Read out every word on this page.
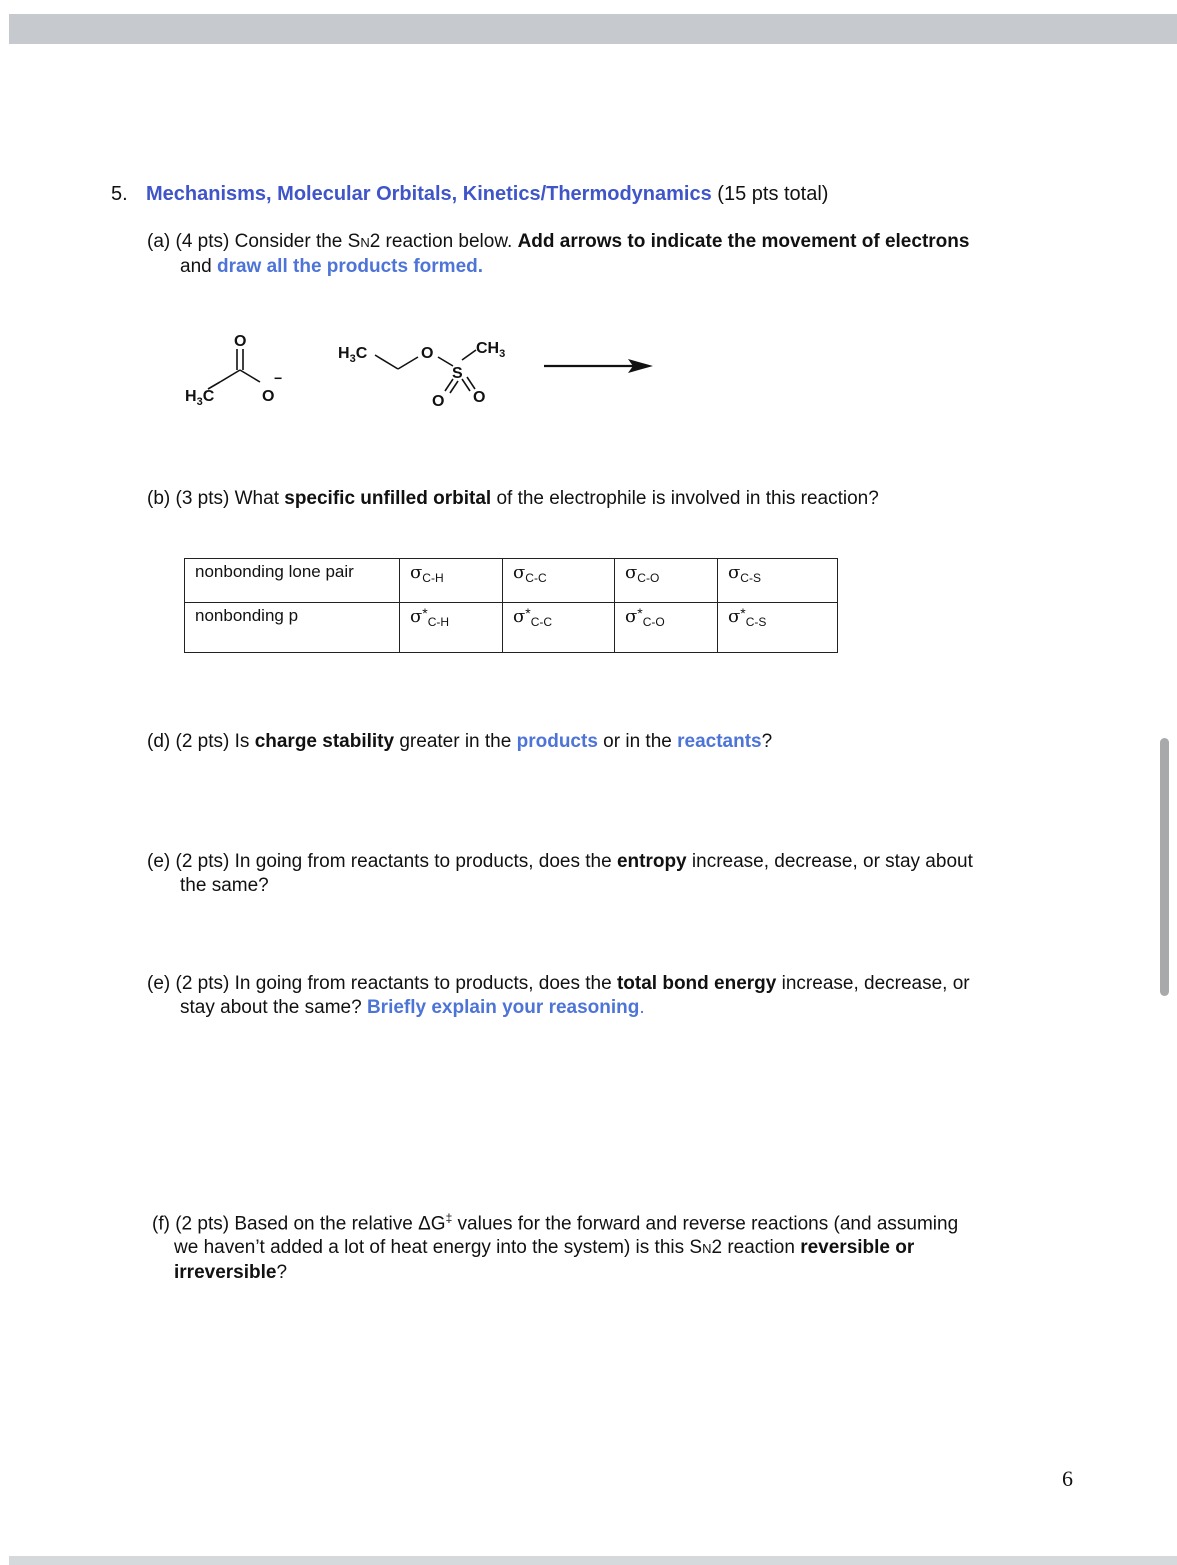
5. Mechanisms, Molecular Orbitals, Kinetics/Thermodynamics (15 pts total)
(a) (4 pts) Consider the SN2 reaction below. Add arrows to indicate the movement of electrons
and draw all the products formed.
$H_3C$
O
O
−
$H_3C$	O
S
$CH_3$
O O
(b) (3 pts) What specific unfilled orbital of the electrophile is involved in this reaction?
nonbonding lone pair	$\sigma_{C-H}$	$\sigma_{C-C}$	$\sigma_{C-O}$	$\sigma_{C-S}$
nonbonding p	$\sigma^*_{C-H}$	$\sigma^*_{C-C}$	$\sigma^*_{C-O}$	$\sigma^*_{C-S}$
(d) (2 pts) Is charge stability greater in the products or in the reactants?
(e) (2 pts) In going from reactants to products, does the entropy increase, decrease, or stay about
the same?
(e) (2 pts) In going from reactants to products, does the total bond energy increase, decrease, or
stay about the same? Briefly explain your reasoning.
(f) (2 pts) Based on the relative ΔG‡ values for the forward and reverse reactions (and assuming
we haven’t added a lot of heat energy into the system) is this SN2 reaction reversible or
irreversible?
6
